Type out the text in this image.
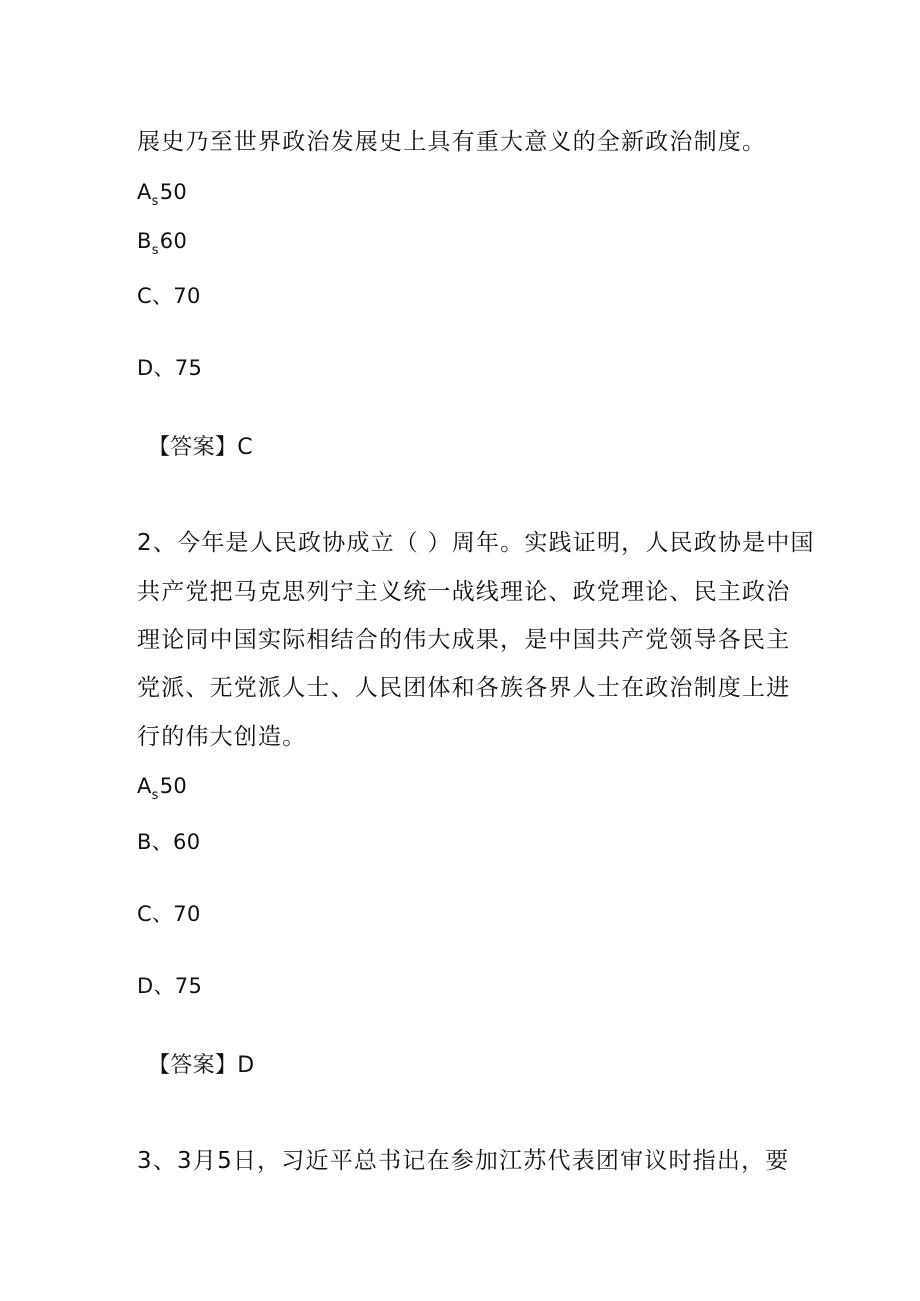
展史乃至世界政治发展史上具有重大意义的全新政治制度。
$A_s50$
$B_s60$
C、70
D、75
【答案】C
2、今年是人民政协成立（ ）周年。实践证明，人民政协是中国
共产党把马克思列宁主义统一战线理论、政党理论、民主政治
理论同中国实际相结合的伟大成果，是中国共产党领导各民主
党派、无党派人士、人民团体和各族各界人士在政治制度上进
行的伟大创造。
$A_s50$
B、60
C、70
D、75
【答案】D
3、3月5日，习近平总书记在参加江苏代表团审议时指出，要
